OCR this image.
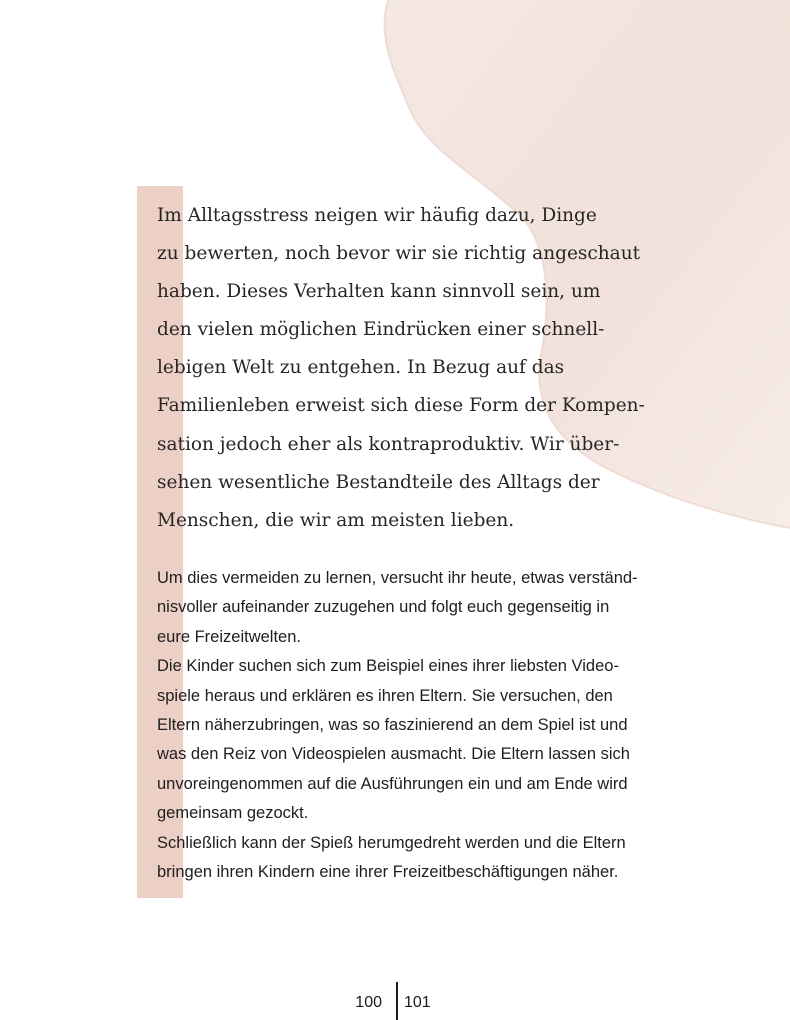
Im Alltagsstress neigen wir häufig dazu, Dinge
zu bewerten, noch bevor wir sie richtig angeschaut
haben. Dieses Verhalten kann sinnvoll sein, um
den vielen möglichen Eindrücken einer schnell-
lebigen Welt zu entgehen. In Bezug auf das
Familienleben erweist sich diese Form der Kompen-
sation jedoch eher als kontraproduktiv. Wir über-
sehen wesentliche Bestandteile des Alltags der
Menschen, die wir am meisten lieben.

Um dies vermeiden zu lernen, versucht ihr heute, etwas verständ-
nisvoller aufeinander zuzugehen und folgt euch gegenseitig in
eure Freizeitwelten.
Die Kinder suchen sich zum Beispiel eines ihrer liebsten Video-
spiele heraus und erklären es ihren Eltern. Sie versuchen, den
Eltern näherzubringen, was so faszinierend an dem Spiel ist und
was den Reiz von Videospielen ausmacht. Die Eltern lassen sich
unvoreingenommen auf die Ausführungen ein und am Ende wird
gemeinsam gezockt.
Schließlich kann der Spieß herumgedreht werden und die Eltern
bringen ihren Kindern eine ihrer Freizeitbeschäftigungen näher.

100 101
